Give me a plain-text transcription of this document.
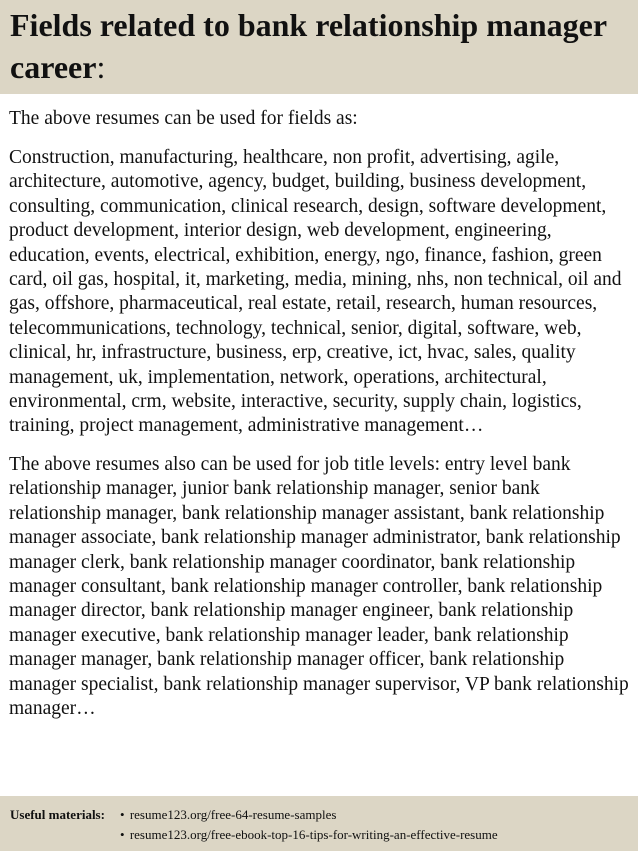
Fields related to bank relationship manager career:

The above resumes can be used for fields as:

Construction, manufacturing, healthcare, non profit, advertising, agile, architecture, automotive, agency, budget, building, business development, consulting, communication, clinical research, design, software development, product development, interior design, web development, engineering, education, events, electrical, exhibition, energy, ngo, finance, fashion, green card, oil gas, hospital, it, marketing, media, mining, nhs, non technical, oil and gas, offshore, pharmaceutical, real estate, retail, research, human resources, telecommunications, technology, technical, senior, digital, software, web, clinical, hr, infrastructure, business, erp, creative, ict, hvac, sales, quality management, uk, implementation, network, operations, architectural, environmental, crm, website, interactive, security, supply chain, logistics, training, project management, administrative management…

The above resumes also can be used for job title levels: entry level bank relationship manager, junior bank relationship manager, senior bank relationship manager, bank relationship manager assistant, bank relationship manager associate, bank relationship manager administrator, bank relationship manager clerk, bank relationship manager coordinator, bank relationship manager consultant, bank relationship manager controller, bank relationship manager director, bank relationship manager engineer, bank relationship manager executive, bank relationship manager leader, bank relationship manager manager, bank relationship manager officer, bank relationship manager specialist, bank relationship manager supervisor, VP bank relationship manager…

Useful materials:	• resume123.org/free-64-resume-samples
• resume123.org/free-ebook-top-16-tips-for-writing-an-effective-resume
